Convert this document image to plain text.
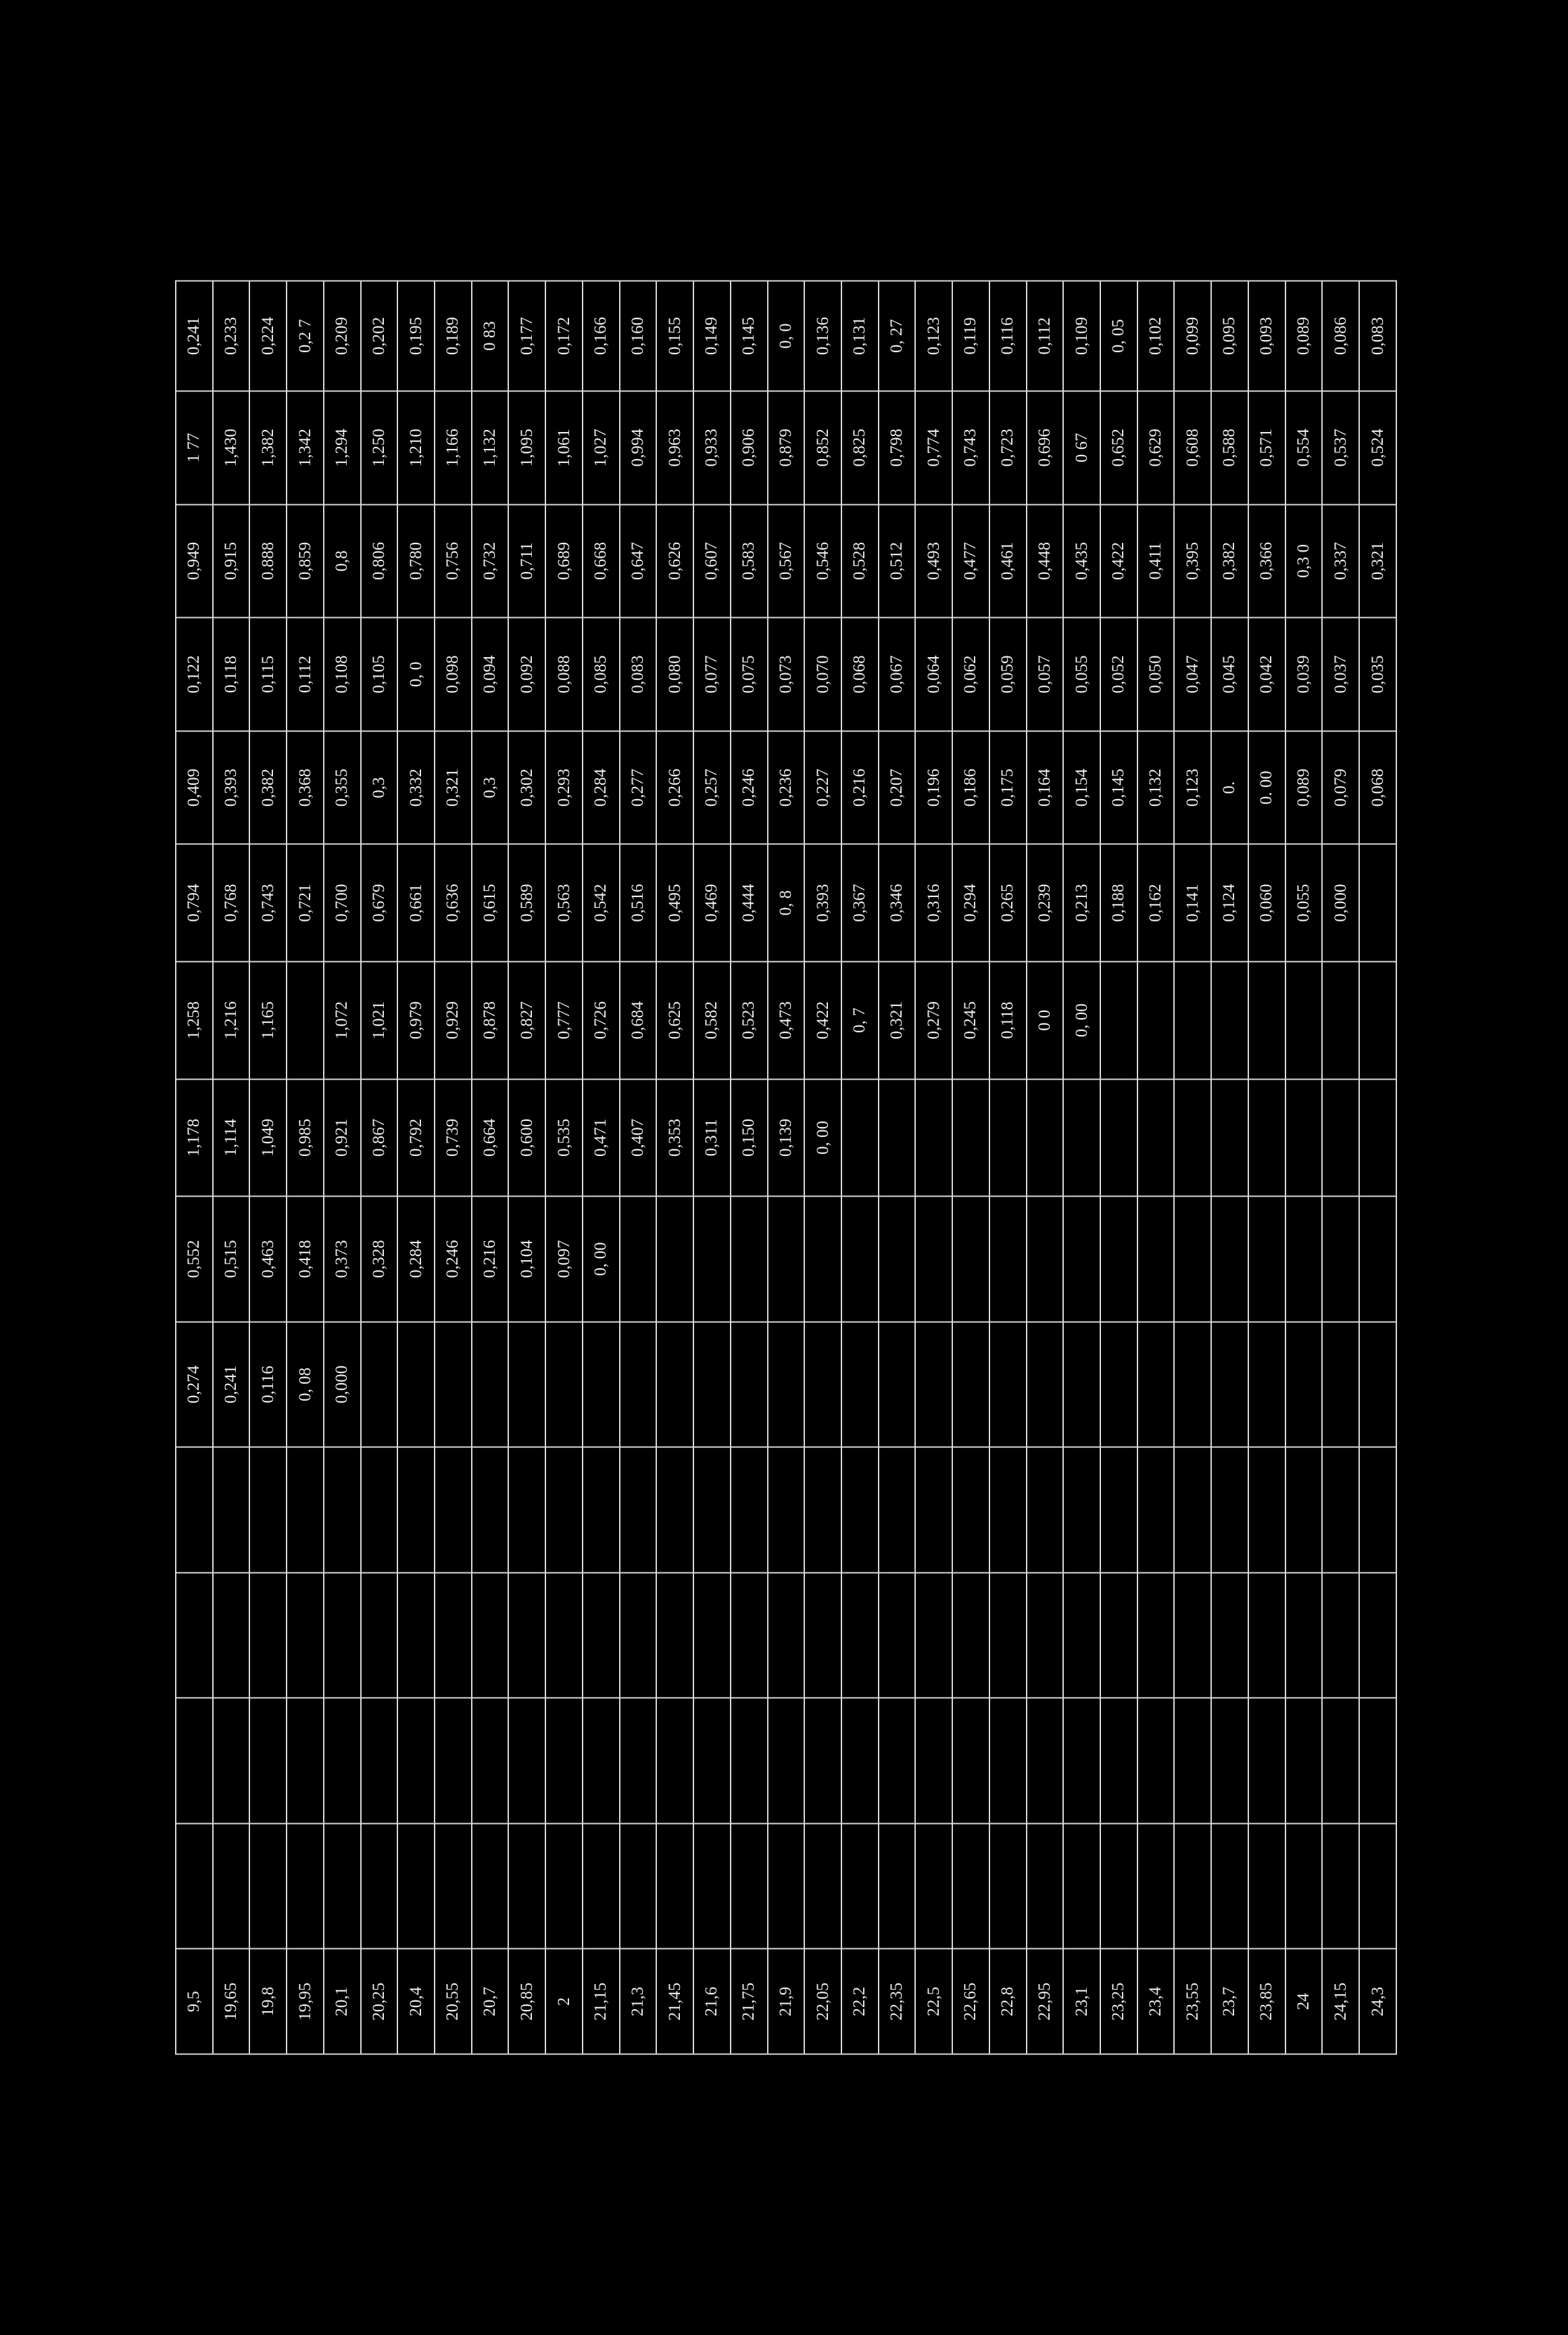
9,5					0,274	0,552	1,178	1,258	0,794	0,409	0,122	0,949	1 77	0,241
19,65					0,241	0,515	1,114	1,216	0,768	0,393	0,118	0,915	1,430	0,233
19,8					0,116	0,463	1,049	1,165	0,743	0,382	0,115	0.888	1,382	0,224
19,95					0, 08	0,418	0,985		0,721	0,368	0,112	0,859	1,342	0,2 7
20,1					0,000	0,373	0,921	1,072	0,700	0,355	0,108	0,8	1,294	0,209
20,25						0,328	0,867	1,021	0,679	0,3	0,105	0,806	1,250	0,202
20,4						0,284	0,792	0,979	0,661	0,332	0, 0	0,780	1,210	0,195
20,55						0,246	0,739	0,929	0,636	0,321	0,098	0,756	1,166	0,189
20,7						0,216	0,664	0,878	0,615	0,3	0,094	0,732	1,132	0 83
20,85						0,104	0,600	0,827	0,589	0,302	0,092	0,711	1,095	0,177
2						0,097	0,535	0,777	0,563	0,293	0,088	0,689	1,061	0,172
21,15						0, 00	0,471	0,726	0,542	0,284	0,085	0,668	1,027	0,166
21,3							0,407	0,684	0,516	0,277	0,083	0,647	0,994	0,160
21,45							0,353	0,625	0,495	0,266	0,080	0,626	0,963	0,155
21,6							0,311	0,582	0,469	0,257	0,077	0,607	0,933	0,149
21,75							0,150	0,523	0,444	0,246	0,075	0,583	0,906	0,145
21,9							0,139	0,473	0, 8	0,236	0,073	0,567	0,879	0, 0
22,05							0, 00	0,422	0,393	0,227	0,070	0,546	0,852	0,136
22,2								0, 7	0,367	0,216	0,068	0,528	0,825	0,131
22,35								0,321	0,346	0,207	0,067	0,512	0,798	0, 27
22,5								0,279	0,316	0,196	0,064	0,493	0,774	0,123
22,65								0,245	0,294	0,186	0,062	0,477	0,743	0,119
22,8								0,118	0,265	0,175	0,059	0,461	0,723	0,116
22,95								0 0	0,239	0,164	0,057	0,448	0,696	0,112
23,1								0, 00	0,213	0,154	0,055	0,435	0 67	0,109
23,25									0,188	0,145	0,052	0,422	0,652	0, 05
23,4									0,162	0,132	0,050	0,411	0,629	0,102
23,55									0,141	0,123	0,047	0,395	0,608	0,099
23,7									0,124	0.	0,045	0,382	0,588	0,095
23,85									0,060	0. 00	0,042	0,366	0,571	0,093
24									0,055	0,089	0,039	0,3 0	0,554	0,089
24,15									0,000	0,079	0,037	0,337	0,537	0,086
24,3										0,068	0,035	0,321	0,524	0,083
